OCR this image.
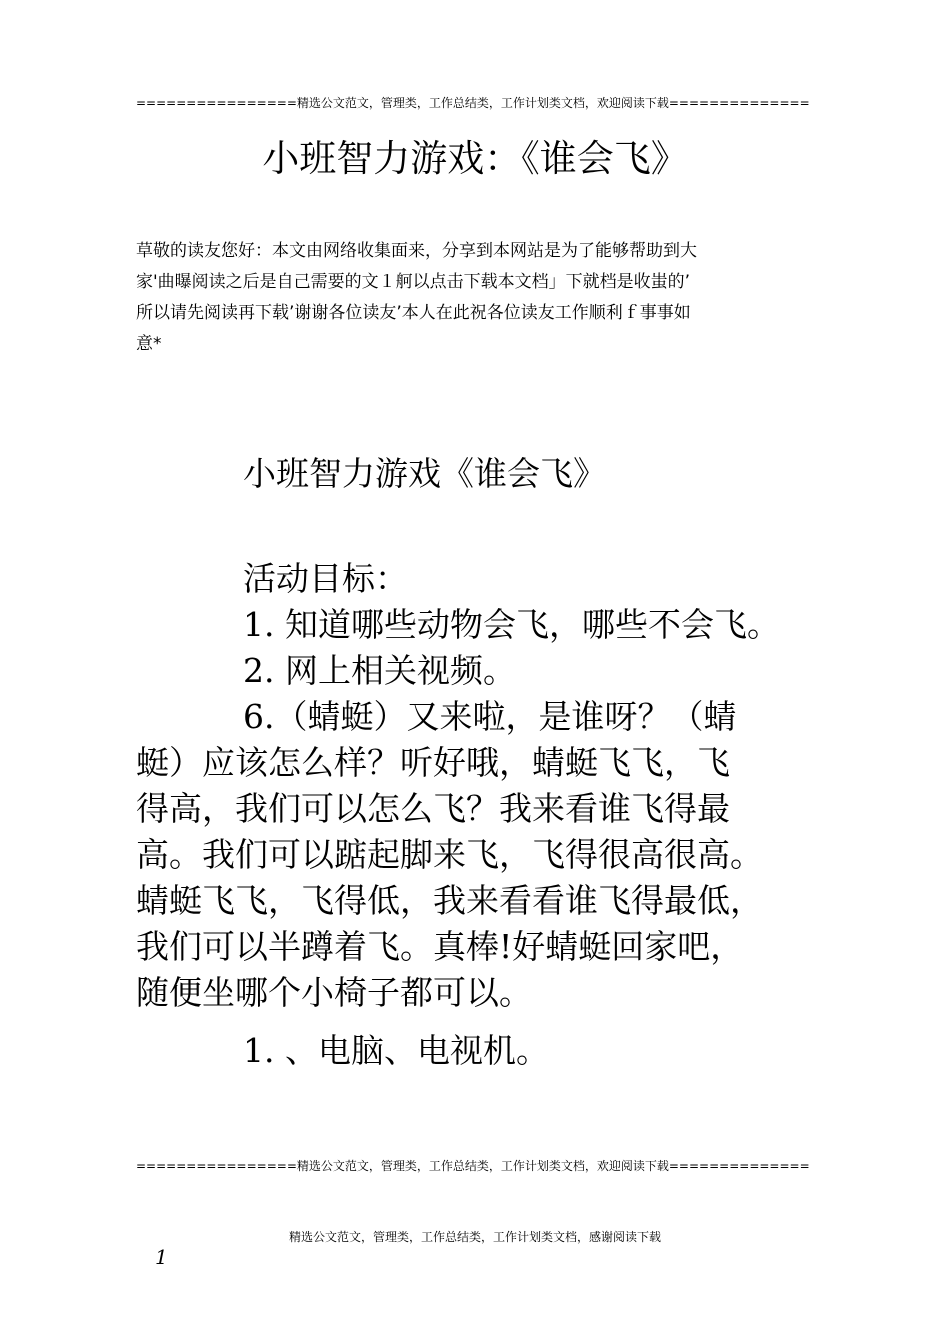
================精选公文范文，管理类，工作总结类，工作计划类文档，欢迎阅读下载==============
小班智力游戏：《谁会飞》
草敬的读友您好：本文由网络收集面来，分享到本网站是为了能够帮助到大
家'曲曝阅读之后是自己需要的文１舸以点击下载本文档」下就档是收蚩的’
所以请先阅读再下载’谢谢各位读友’本人在此祝各位读友工作顺利ｆ事事如
意*
小班智力游戏《谁会飞》
活动目标：
1. 知道哪些动物会飞，哪些不会飞。
2. 网上相关视频。
6.（蜻蜓）又来啦，是谁呀？（蜻
蜓）应该怎么样？听好哦，蜻蜓飞飞，飞
得高，我们可以怎么飞？我来看谁飞得最
高。我们可以踮起脚来飞，飞得很高很高。
蜻蜓飞飞，飞得低，我来看看谁飞得最低，
我们可以半蹲着飞。真棒!好蜻蜓回家吧，
随便坐哪个小椅子都可以。
1. 、电脑、电视机。
================精选公文范文，管理类，工作总结类，工作计划类文档，欢迎阅读下载==============
精选公文范文，管理类，工作总结类，工作计划类文档，感谢阅读下载
1
